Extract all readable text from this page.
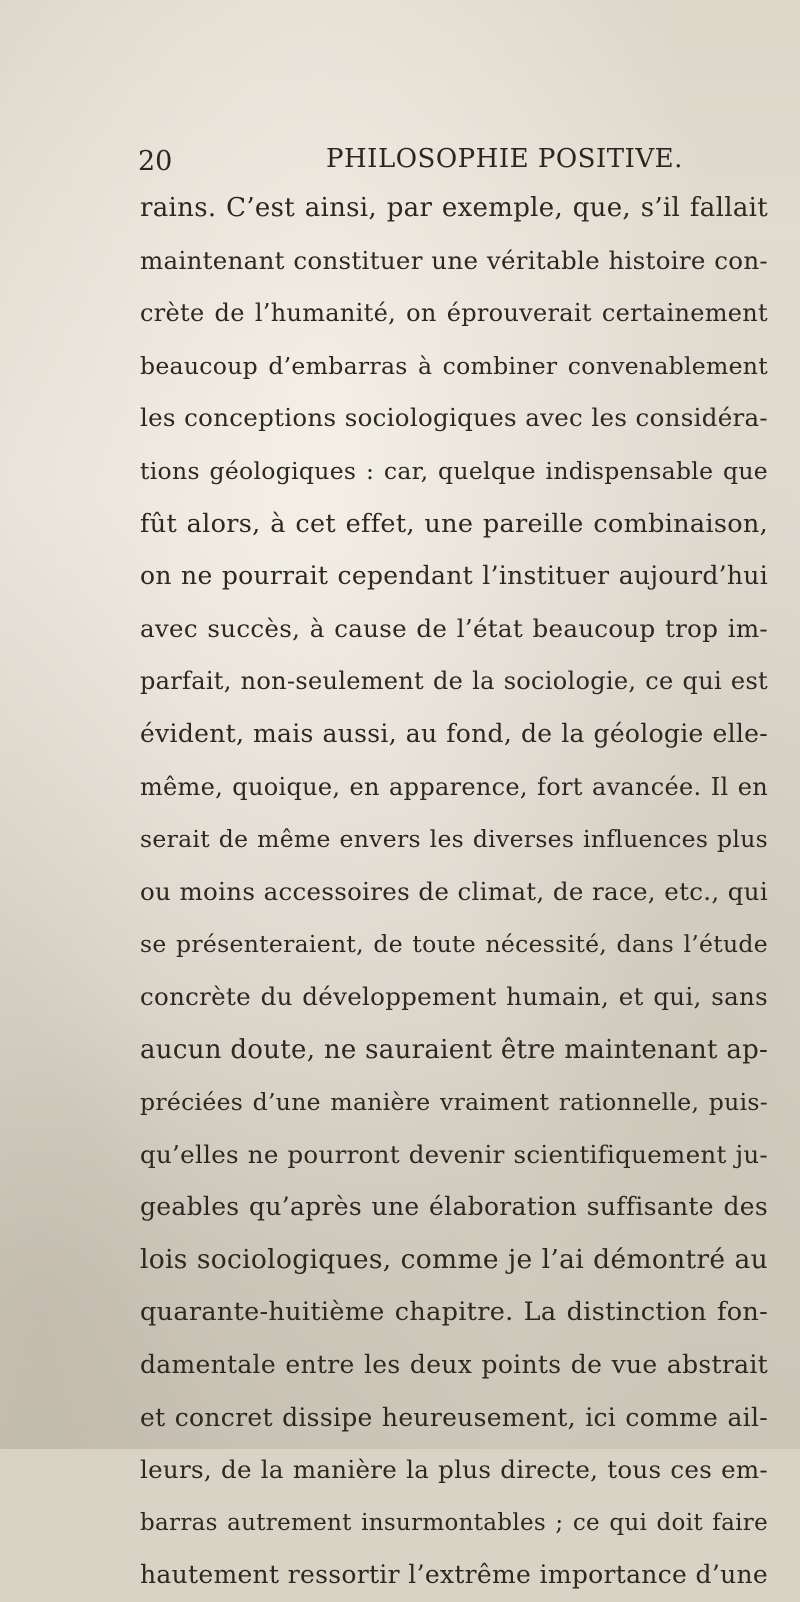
20	PHILOSOPHIE POSITIVE.
rains. C’est ainsi, par exemple, que, s’il fallait
maintenant constituer une véritable histoire con-
crète de l’humanité, on éprouverait certainement
beaucoup d’embarras à combiner convenablement
les conceptions sociologiques avec les considéra-
tions géologiques : car, quelque indispensable que
fût alors, à cet effet, une pareille combinaison,
on ne pourrait cependant l’instituer aujourd’hui
avec succès, à cause de l’état beaucoup trop im-
parfait, non-seulement de la sociologie, ce qui est
évident, mais aussi, au fond, de la géologie elle-
même, quoique, en apparence, fort avancée. Il en
serait de même envers les diverses influences plus
ou moins accessoires de climat, de race, etc., qui
se présenteraient, de toute nécessité, dans l’étude
concrète du développement humain, et qui, sans
aucun doute, ne sauraient être maintenant ap-
préciées d’une manière vraiment rationnelle, puis-
qu’elles ne pourront devenir scientifiquement ju-
geables qu’après une élaboration suffisante des
lois sociologiques, comme je l’ai démontré au
quarante-huitième chapitre. La distinction fon-
damentale entre les deux points de vue abstrait
et concret dissipe heureusement, ici comme ail-
leurs, de la manière la plus directe, tous ces em-
barras autrement insurmontables ; ce qui doit faire
hautement ressortir l’extrême importance d’une
